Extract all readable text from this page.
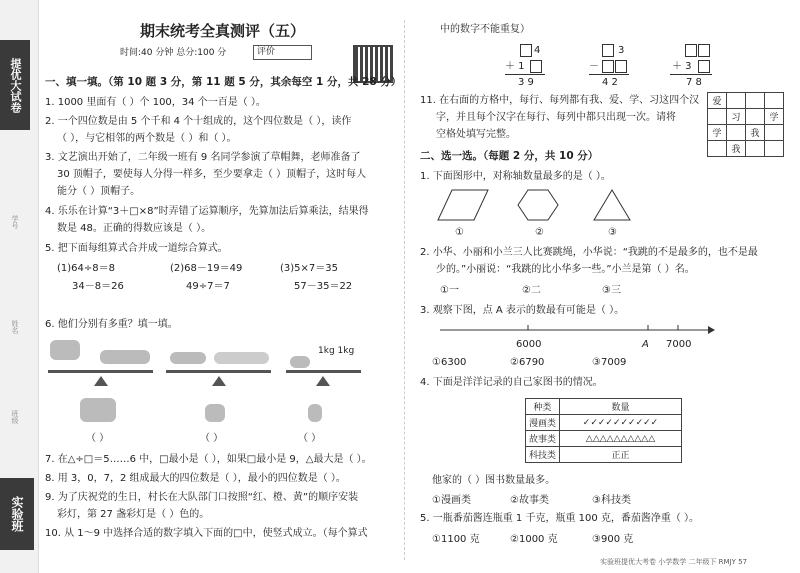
提优大试卷
学号
姓名
班级
实验班
期末统考全真测评（五）
时间:40 分钟 总分:100 分	评价
一、填一填。（第 10 题 3 分，第 11 题 5 分，其余每空 1 分，共 28 分）
1. 1000 里面有（ ）个 100，34 个一百是（ ）。
2. 一个四位数是由 5 个千和 4 个十组成的，这个四位数是（ ），读作
（ ），与它相邻的两个数是（ ）和（ ）。
3. 文艺演出开始了，二年级一班有 9 名同学参演了草帽舞，老师准备了
30 顶帽子，要使每人分得一样多，至少要拿走（ ）顶帽子，这时每人
能分（ ）顶帽子。
4. 乐乐在计算“3＋□×8”时弄错了运算顺序，先算加法后算乘法，结果得
数是 48。正确的得数应该是（ ）。
5. 把下面每组算式合并成一道综合算式。
(1)64÷8＝8	(2)68－19＝49	(3)5×7＝35
34－8＝26	49÷7＝7	57－35＝22
6. 他们分别有多重？填一填。
1kg 1kg
（ ）	（ ）	（ ）
7. 在△÷□＝5……6 中，□最小是（ ），如果□最小是 9，△最大是（ ）。
8. 用 3，0，7，2 组成最大的四位数是（ ），最小的四位数是（ ）。
9. 为了庆祝党的生日，村长在大队部门口按照“红、橙、黄”的顺序安装
彩灯，第 27 盏彩灯是（ ）色的。
10. 从 1～9 中选择合适的数字填入下面的□中，使竖式成立。（每个算式
中的数字不能重复）
4
＋ 1
3 9
3
－
4 2
＋ 3
7 8
11. 在右面的方格中，每行、每列都有我、爱、学、习这四个汉
字，并且每个汉字在每行、每列中都只出现一次。请将
空格处填写完整。
爱			
	习		学
学		我	
	我		
二、选一选。（每题 2 分，共 10 分）
1. 下面图形中，对称轴数量最多的是（ ）。
①	②	③
2. 小华、小丽和小兰三人比赛跳绳，小华说：“我跳的不是最多的，也不是最
少的。”小丽说：“我跳的比小华多一些。”小兰是第（ ）名。
①一	②二	③三
3. 观察下图，点 A 表示的数最有可能是（ ）。
6000	A 7000
①6300	②6790	③7009
4. 下面是洋洋记录的自己家图书的情况。
种类	数量
漫画类	✓✓✓✓✓✓✓✓✓✓
故事类	△△△△△△△△△△
科技类	正正
他家的（ ）图书数量最多。
①漫画类	②故事类	③科技类
5. 一瓶番茄酱连瓶重 1 千克，瓶重 100 克，番茄酱净重（ ）。
①1100 克	②1000 克	③900 克
实验班提优大考卷 小学数学 二年级下 RMJY 57
